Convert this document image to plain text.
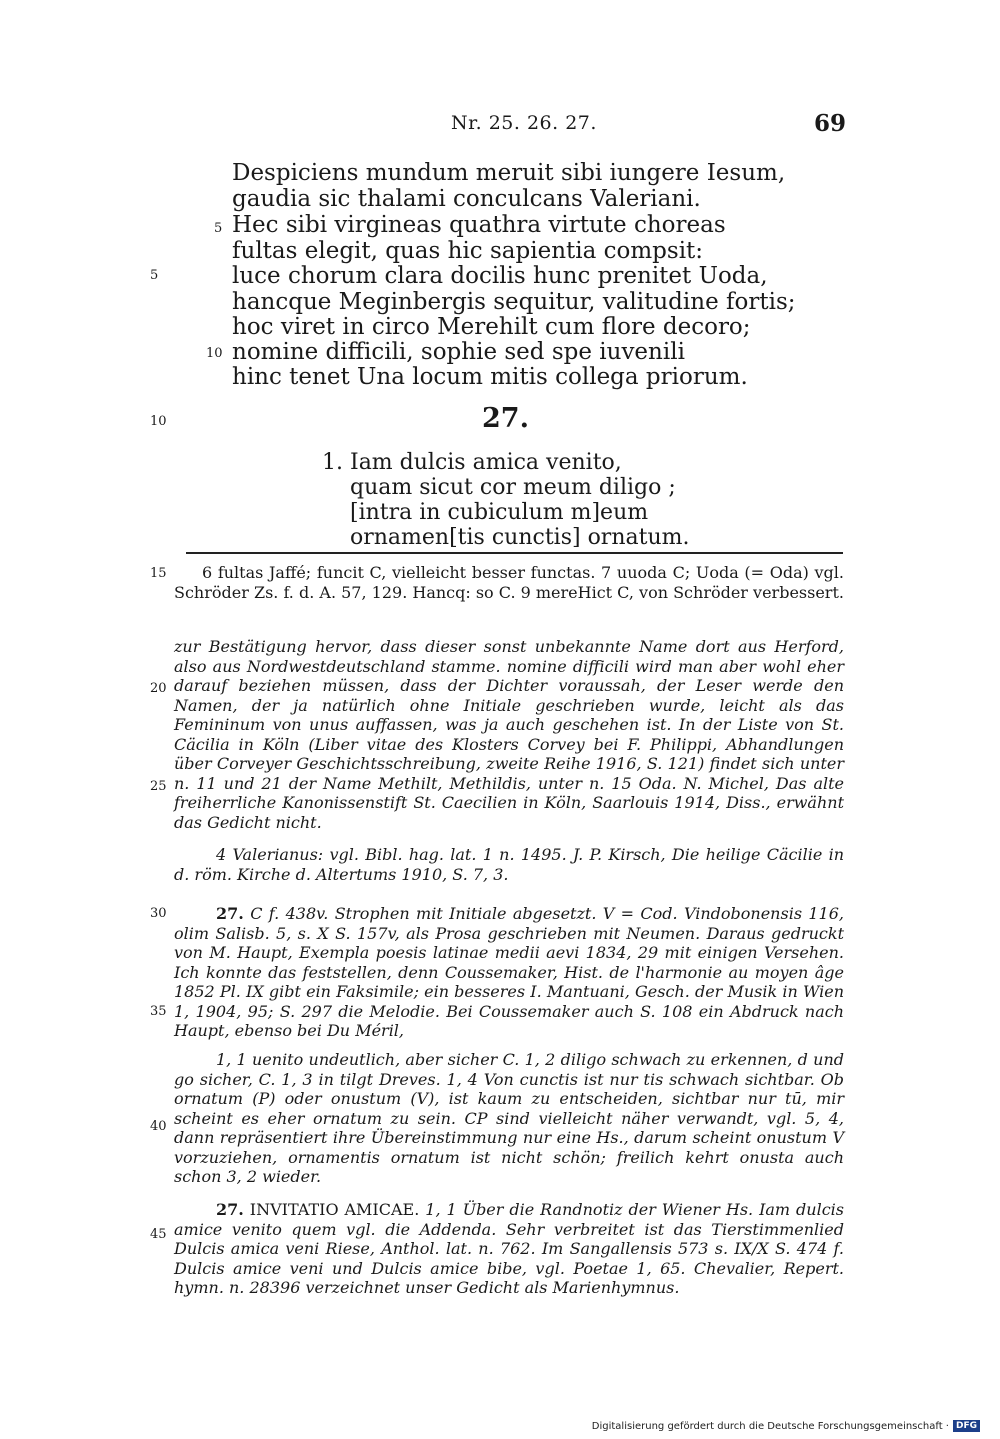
Nr. 25. 26. 27.	69
Despiciens mundum meruit sibi iungere Iesum,
gaudia sic thalami conculcans Valeriani.
Hec sibi virgineas quathra virtute choreas
fultas elegit, quas hic sapientia compsit:
luce chorum clara docilis hunc prenitet Uoda,
hancque Meginbergis sequitur, valitudine fortis;
hoc viret in circo Merehilt cum flore decoro;
nomine difficili, sophie sed spe iuvenili
hinc tenet Una locum mitis collega priorum.
5
10
5
10
15
20
25
30
35
40
45
27.
1. Iam dulcis amica venito,
quam sicut cor meum diligo ;
[intra in cubiculum m]eum
ornamen[tis cunctis] ornatum.

6 fultas Jaffé; funcit C, vielleicht besser functas. 7 uuoda C; Uoda (= Oda) vgl. Schröder Zs. f. d. A. 57, 129. Hancq: so C. 9 mereHict C, von Schröder verbessert.

zur Bestätigung hervor, dass dieser sonst unbekannte Name dort aus Herford, also aus Nordwestdeutschland stamme. nomine difficili wird man aber wohl eher darauf beziehen müssen, dass der Dichter voraussah, der Leser werde den Namen, der ja natürlich ohne Initiale geschrieben wurde, leicht als das Femininum von unus auffassen, was ja auch geschehen ist. In der Liste von St. Cäcilia in Köln (Liber vitae des Klosters Corvey bei F. Philippi, Abhandlungen über Corveyer Geschichtsschreibung, zweite Reihe 1916, S. 121) findet sich unter n. 11 und 21 der Name Methilt, Methildis, unter n. 15 Oda. N. Michel, Das alte freiherrliche Kanonissenstift St. Caecilien in Köln, Saarlouis 1914, Diss., erwähnt das Gedicht nicht.

4 Valerianus: vgl. Bibl. hag. lat. 1 n. 1495. J. P. Kirsch, Die heilige Cäcilie in d. röm. Kirche d. Altertums 1910, S. 7, 3.

27. C f. 438v. Strophen mit Initiale abgesetzt. V = Cod. Vindobonensis 116, olim Salisb. 5, s. X S. 157v, als Prosa geschrieben mit Neumen. Daraus gedruckt von M. Haupt, Exempla poesis latinae medii aevi 1834, 29 mit einigen Versehen. Ich konnte das feststellen, denn Coussemaker, Hist. de l'harmonie au moyen âge 1852 Pl. IX gibt ein Faksimile; ein besseres I. Mantuani, Gesch. der Musik in Wien 1, 1904, 95; S. 297 die Melodie. Bei Coussemaker auch S. 108 ein Abdruck nach Haupt, ebenso bei Du Méril,

1, 1 uenito undeutlich, aber sicher C. 1, 2 diligo schwach zu erkennen, d und go sicher, C. 1, 3 in tilgt Dreves. 1, 4 Von cunctis ist nur tis schwach sichtbar. Ob ornatum (P) oder onustum (V), ist kaum zu entscheiden, sichtbar nur tū, mir scheint es eher ornatum zu sein. CP sind vielleicht näher verwandt, vgl. 5, 4, dann repräsentiert ihre Übereinstimmung nur eine Hs., darum scheint onustum V vorzuziehen, ornamentis ornatum ist nicht schön; freilich kehrt onusta auch schon 3, 2 wieder.

27. INVITATIO AMICAE. 1, 1 Über die Randnotiz der Wiener Hs. Iam dulcis amice venito quem vgl. die Addenda. Sehr verbreitet ist das Tierstimmenlied Dulcis amica veni Riese, Anthol. lat. n. 762. Im Sangallensis 573 s. IX/X S. 474 f. Dulcis amice veni und Dulcis amice bibe, vgl. Poetae 1, 65. Chevalier, Repert. hymn. n. 28396 verzeichnet unser Gedicht als Marienhymnus.

Digitalisierung gefördert durch die Deutsche Forschungsgemeinschaft · DFG
